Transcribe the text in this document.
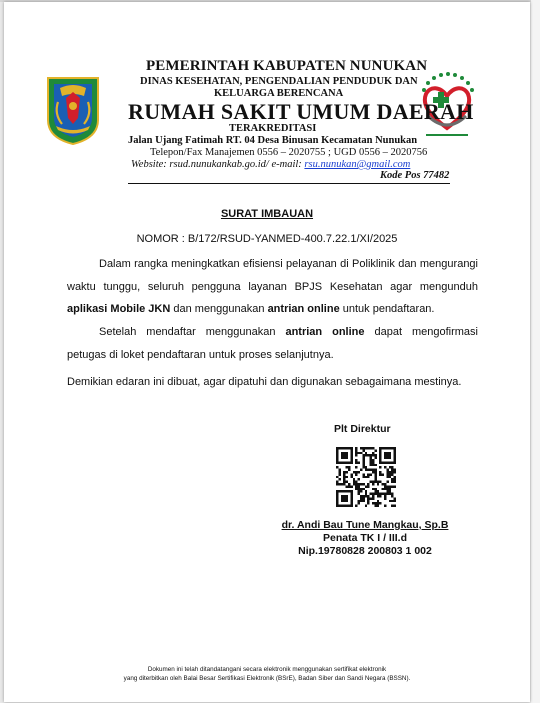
PEMERINTAH KABUPATEN NUNUKAN
DINAS KESEHATAN, PENGENDALIAN PENDUDUK DAN
KELUARGA BERENCANA
RUMAH SAKIT UMUM DAERAH
TERAKREDITASI
Jalan Ujang Fatimah RT. 04 Desa Binusan Kecamatan Nunukan
Telepon/Fax Manajemen 0556 – 2020755 ; UGD 0556 – 2020756
Website: rsud.nunukankab.go.id/ e-mail: rsu.nunukan@gmail.com
Kode Pos 77482
SURAT IMBAUAN
NOMOR : B/172/RSUD-YANMED-400.7.22.1/XI/2025
Dalam rangka meningkatkan efisiensi pelayanan di Poliklinik dan mengurangi waktu tunggu, seluruh pengguna layanan BPJS Kesehatan agar mengunduh aplikasi Mobile JKN dan menggunakan antrian online untuk pendaftaran.
Setelah mendaftar menggunakan antrian online dapat mengofirmasi petugas di loket pendaftaran untuk proses selanjutnya.
Demikian edaran ini dibuat, agar dipatuhi dan digunakan sebagaimana mestinya.
Plt Direktur
dr. Andi Bau Tune Mangkau, Sp.B
Penata TK I / III.d
Nip.19780828 200803 1 002
Dokumen ini telah ditandatangani secara elektronik menggunakan sertifikat elektronik
yang diterbitkan oleh Balai Besar Sertifikasi Elektronik (BSrE), Badan Siber dan Sandi Negara (BSSN).
